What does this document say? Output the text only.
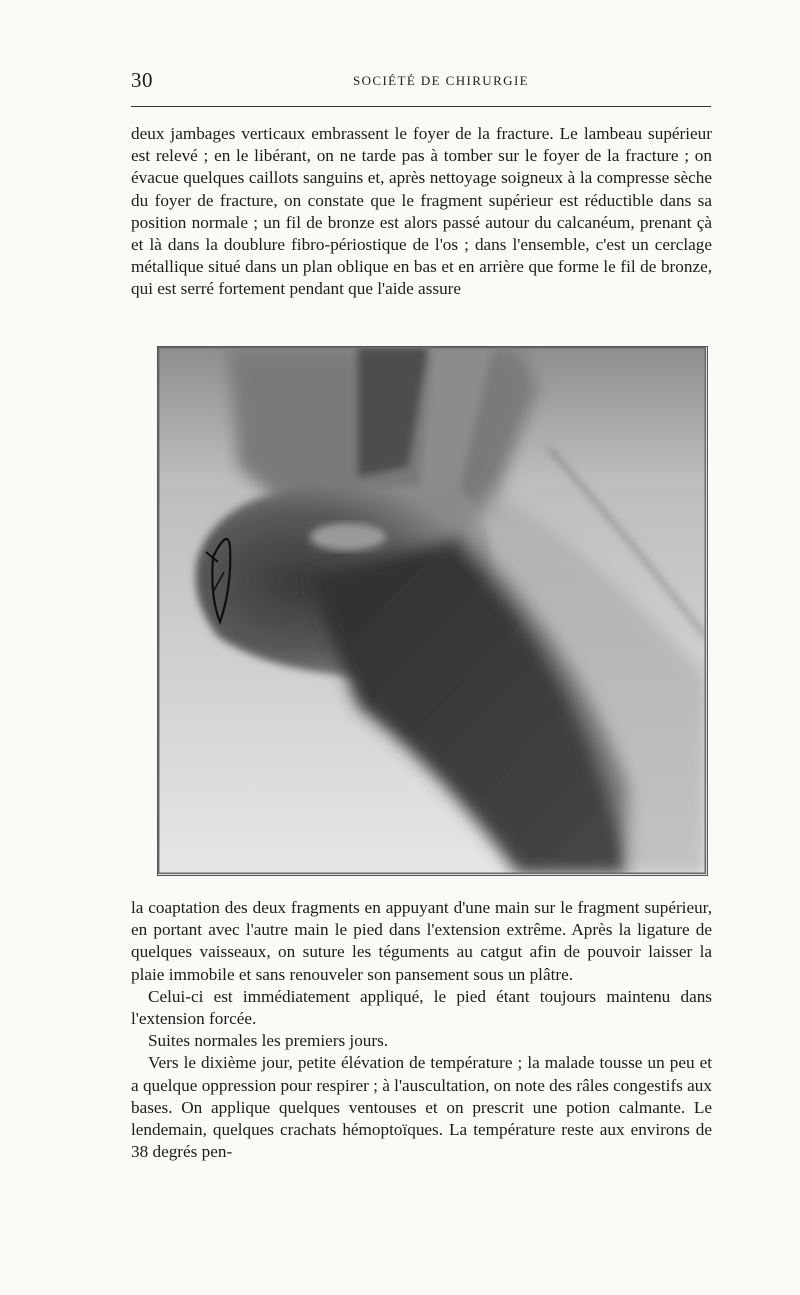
30	SOCIÉTÉ DE CHIRURGIE

deux jambages verticaux embrassent le foyer de la fracture. Le lambeau supérieur est relevé ; en le libérant, on ne tarde pas à tomber sur le foyer de la fracture ; on évacue quelques caillots sanguins et, après nettoyage soigneux à la compresse sèche du foyer de fracture, on constate que le fragment supérieur est réductible dans sa position normale ; un fil de bronze est alors passé autour du calcanéum, prenant çà et là dans la doublure fibro-périostique de l'os ; dans l'ensemble, c'est un cerclage métallique situé dans un plan oblique en bas et en arrière que forme le fil de bronze, qui est serré fortement pendant que l'aide assure

la coaptation des deux fragments en appuyant d'une main sur le fragment supérieur, en portant avec l'autre main le pied dans l'extension extrême. Après la ligature de quelques vaisseaux, on suture les téguments au catgut afin de pouvoir laisser la plaie immobile et sans renouveler son pansement sous un plâtre.

Celui-ci est immédiatement appliqué, le pied étant toujours maintenu dans l'extension forcée.

Suites normales les premiers jours.

Vers le dixième jour, petite élévation de température ; la malade tousse un peu et a quelque oppression pour respirer ; à l'auscultation, on note des râles congestifs aux bases. On applique quelques ventouses et on prescrit une potion calmante. Le lendemain, quelques crachats hémoptoïques. La température reste aux environs de 38 degrés pen-
